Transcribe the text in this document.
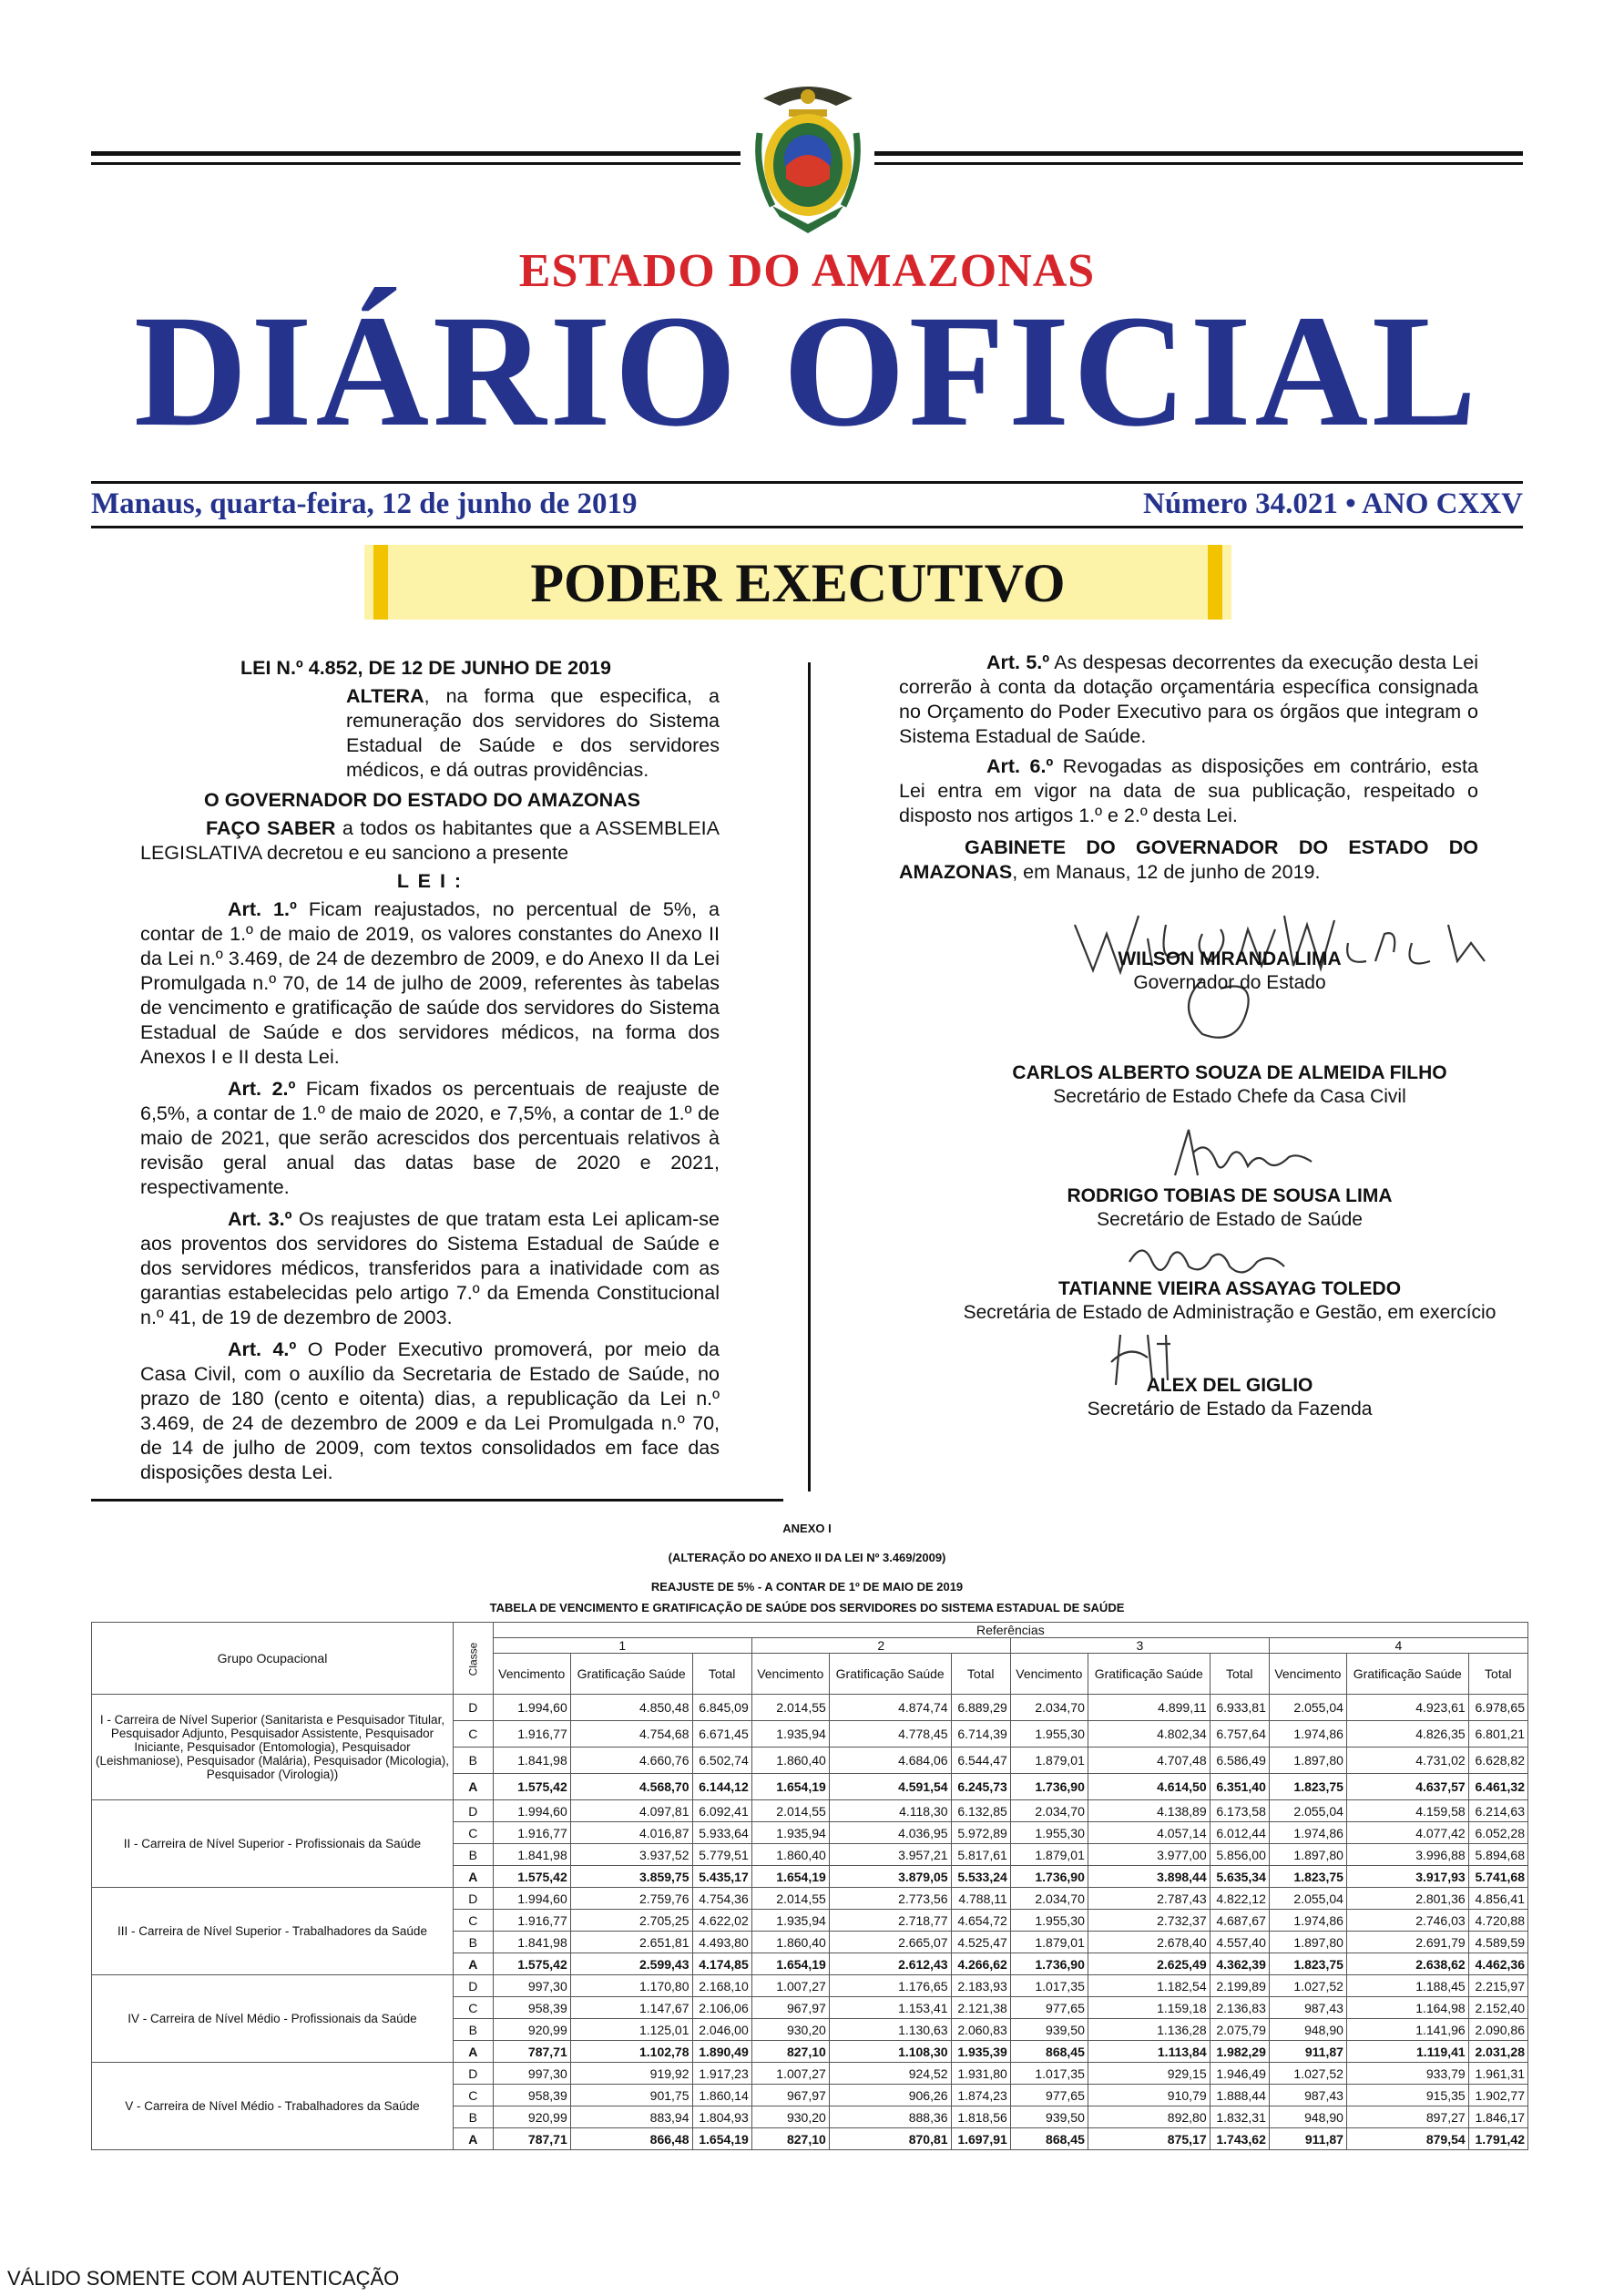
ESTADO DO AMAZONAS
DIÁRIO OFICIAL
Manaus, quarta-feira, 12 de junho de 2019	Número 34.021 • ANO CXXV
PODER EXECUTIVO

LEI N.º 4.852, DE 12 DE JUNHO DE 2019

ALTERA, na forma que especifica, a remuneração dos servidores do Sistema Estadual de Saúde e dos servidores médicos, e dá outras providências.

O GOVERNADOR DO ESTADO DO AMAZONAS

FAÇO SABER a todos os habitantes que a ASSEMBLEIA LEGISLATIVA decretou e eu sanciono a presente

L E I :

Art. 1.º Ficam reajustados, no percentual de 5%, a contar de 1.º de maio de 2019, os valores constantes do Anexo II da Lei n.º 3.469, de 24 de dezembro de 2009, e do Anexo II da Lei Promulgada n.º 70, de 14 de julho de 2009, referentes às tabelas de vencimento e gratificação de saúde dos servidores do Sistema Estadual de Saúde e dos servidores médicos, na forma dos Anexos I e II desta Lei.

Art. 2.º Ficam fixados os percentuais de reajuste de 6,5%, a contar de 1.º de maio de 2020, e 7,5%, a contar de 1.º de maio de 2021, que serão acrescidos dos percentuais relativos à revisão geral anual das datas base de 2020 e 2021, respectivamente.

Art. 3.º Os reajustes de que tratam esta Lei aplicam-se aos proventos dos servidores do Sistema Estadual de Saúde e dos servidores médicos, transferidos para a inatividade com as garantias estabelecidas pelo artigo 7.º da Emenda Constitucional n.º 41, de 19 de dezembro de 2003.

Art. 4.º O Poder Executivo promoverá, por meio da Casa Civil, com o auxílio da Secretaria de Estado de Saúde, no prazo de 180 (cento e oitenta) dias, a republicação da Lei n.º 3.469, de 24 de dezembro de 2009 e da Lei Promulgada n.º 70, de 14 de julho de 2009, com textos consolidados em face das disposições desta Lei.

Art. 5.º As despesas decorrentes da execução desta Lei correrão à conta da dotação orçamentária específica consignada no Orçamento do Poder Executivo para os órgãos que integram o Sistema Estadual de Saúde.

Art. 6.º Revogadas as disposições em contrário, esta Lei entra em vigor na data de sua publicação, respeitado o disposto nos artigos 1.º e 2.º desta Lei.

GABINETE DO GOVERNADOR DO ESTADO DO AMAZONAS, em Manaus, 12 de junho de 2019.

WILSON MIRANDA LIMA
Governador do Estado
CARLOS ALBERTO SOUZA DE ALMEIDA FILHO
Secretário de Estado Chefe da Casa Civil
RODRIGO TOBIAS DE SOUSA LIMA
Secretário de Estado de Saúde
TATIANNE VIEIRA ASSAYAG TOLEDO
Secretária de Estado de Administração e Gestão, em exercício
ALEX DEL GIGLIO
Secretário de Estado da Fazenda
ANEXO I
(ALTERAÇÃO DO ANEXO II DA LEI Nº 3.469/2009)
REAJUSTE DE 5% - A CONTAR DE 1º DE MAIO DE 2019
TABELA DE VENCIMENTO E GRATIFICAÇÃO DE SAÚDE DOS SERVIDORES DO SISTEMA ESTADUAL DE SAÚDE
Grupo Ocupacional	Classe	Referências											
		1			2			3			4		
		Vencimento	Gratificação Saúde	Total	Vencimento	Gratificação Saúde	Total	Vencimento	Gratificação Saúde	Total	Vencimento	Gratificação Saúde	Total
I - Carreira de Nível Superior (Sanitarista e Pesquisador Titular, Pesquisador Adjunto, Pesquisador Assistente, Pesquisador Iniciante, Pesquisador (Entomologia), Pesquisador (Leishmaniose), Pesquisador (Malária), Pesquisador (Micologia), Pesquisador (Virologia))	D	1.994,60	4.850,48	6.845,09	2.014,55	4.874,74	6.889,29	2.034,70	4.899,11	6.933,81	2.055,04	4.923,61	6.978,65
	C	1.916,77	4.754,68	6.671,45	1.935,94	4.778,45	6.714,39	1.955,30	4.802,34	6.757,64	1.974,86	4.826,35	6.801,21
	B	1.841,98	4.660,76	6.502,74	1.860,40	4.684,06	6.544,47	1.879,01	4.707,48	6.586,49	1.897,80	4.731,02	6.628,82
	A	1.575,42	4.568,70	6.144,12	1.654,19	4.591,54	6.245,73	1.736,90	4.614,50	6.351,40	1.823,75	4.637,57	6.461,32
II - Carreira de Nível Superior - Profissionais da Saúde	D	1.994,60	4.097,81	6.092,41	2.014,55	4.118,30	6.132,85	2.034,70	4.138,89	6.173,58	2.055,04	4.159,58	6.214,63
	C	1.916,77	4.016,87	5.933,64	1.935,94	4.036,95	5.972,89	1.955,30	4.057,14	6.012,44	1.974,86	4.077,42	6.052,28
	B	1.841,98	3.937,52	5.779,51	1.860,40	3.957,21	5.817,61	1.879,01	3.977,00	5.856,00	1.897,80	3.996,88	5.894,68
	A	1.575,42	3.859,75	5.435,17	1.654,19	3.879,05	5.533,24	1.736,90	3.898,44	5.635,34	1.823,75	3.917,93	5.741,68
III - Carreira de Nível Superior - Trabalhadores da Saúde	D	1.994,60	2.759,76	4.754,36	2.014,55	2.773,56	4.788,11	2.034,70	2.787,43	4.822,12	2.055,04	2.801,36	4.856,41
	C	1.916,77	2.705,25	4.622,02	1.935,94	2.718,77	4.654,72	1.955,30	2.732,37	4.687,67	1.974,86	2.746,03	4.720,88
	B	1.841,98	2.651,81	4.493,80	1.860,40	2.665,07	4.525,47	1.879,01	2.678,40	4.557,40	1.897,80	2.691,79	4.589,59
	A	1.575,42	2.599,43	4.174,85	1.654,19	2.612,43	4.266,62	1.736,90	2.625,49	4.362,39	1.823,75	2.638,62	4.462,36
IV - Carreira de Nível Médio - Profissionais da Saúde	D	997,30	1.170,80	2.168,10	1.007,27	1.176,65	2.183,93	1.017,35	1.182,54	2.199,89	1.027,52	1.188,45	2.215,97
	C	958,39	1.147,67	2.106,06	967,97	1.153,41	2.121,38	977,65	1.159,18	2.136,83	987,43	1.164,98	2.152,40
	B	920,99	1.125,01	2.046,00	930,20	1.130,63	2.060,83	939,50	1.136,28	2.075,79	948,90	1.141,96	2.090,86
	A	787,71	1.102,78	1.890,49	827,10	1.108,30	1.935,39	868,45	1.113,84	1.982,29	911,87	1.119,41	2.031,28
V - Carreira de Nível Médio - Trabalhadores da Saúde	D	997,30	919,92	1.917,23	1.007,27	924,52	1.931,80	1.017,35	929,15	1.946,49	1.027,52	933,79	1.961,31
	C	958,39	901,75	1.860,14	967,97	906,26	1.874,23	977,65	910,79	1.888,44	987,43	915,35	1.902,77
	B	920,99	883,94	1.804,93	930,20	888,36	1.818,56	939,50	892,80	1.832,31	948,90	897,27	1.846,17
	A	787,71	866,48	1.654,19	827,10	870,81	1.697,91	868,45	875,17	1.743,62	911,87	879,54	1.791,42
VÁLIDO SOMENTE COM AUTENTICAÇÃO
